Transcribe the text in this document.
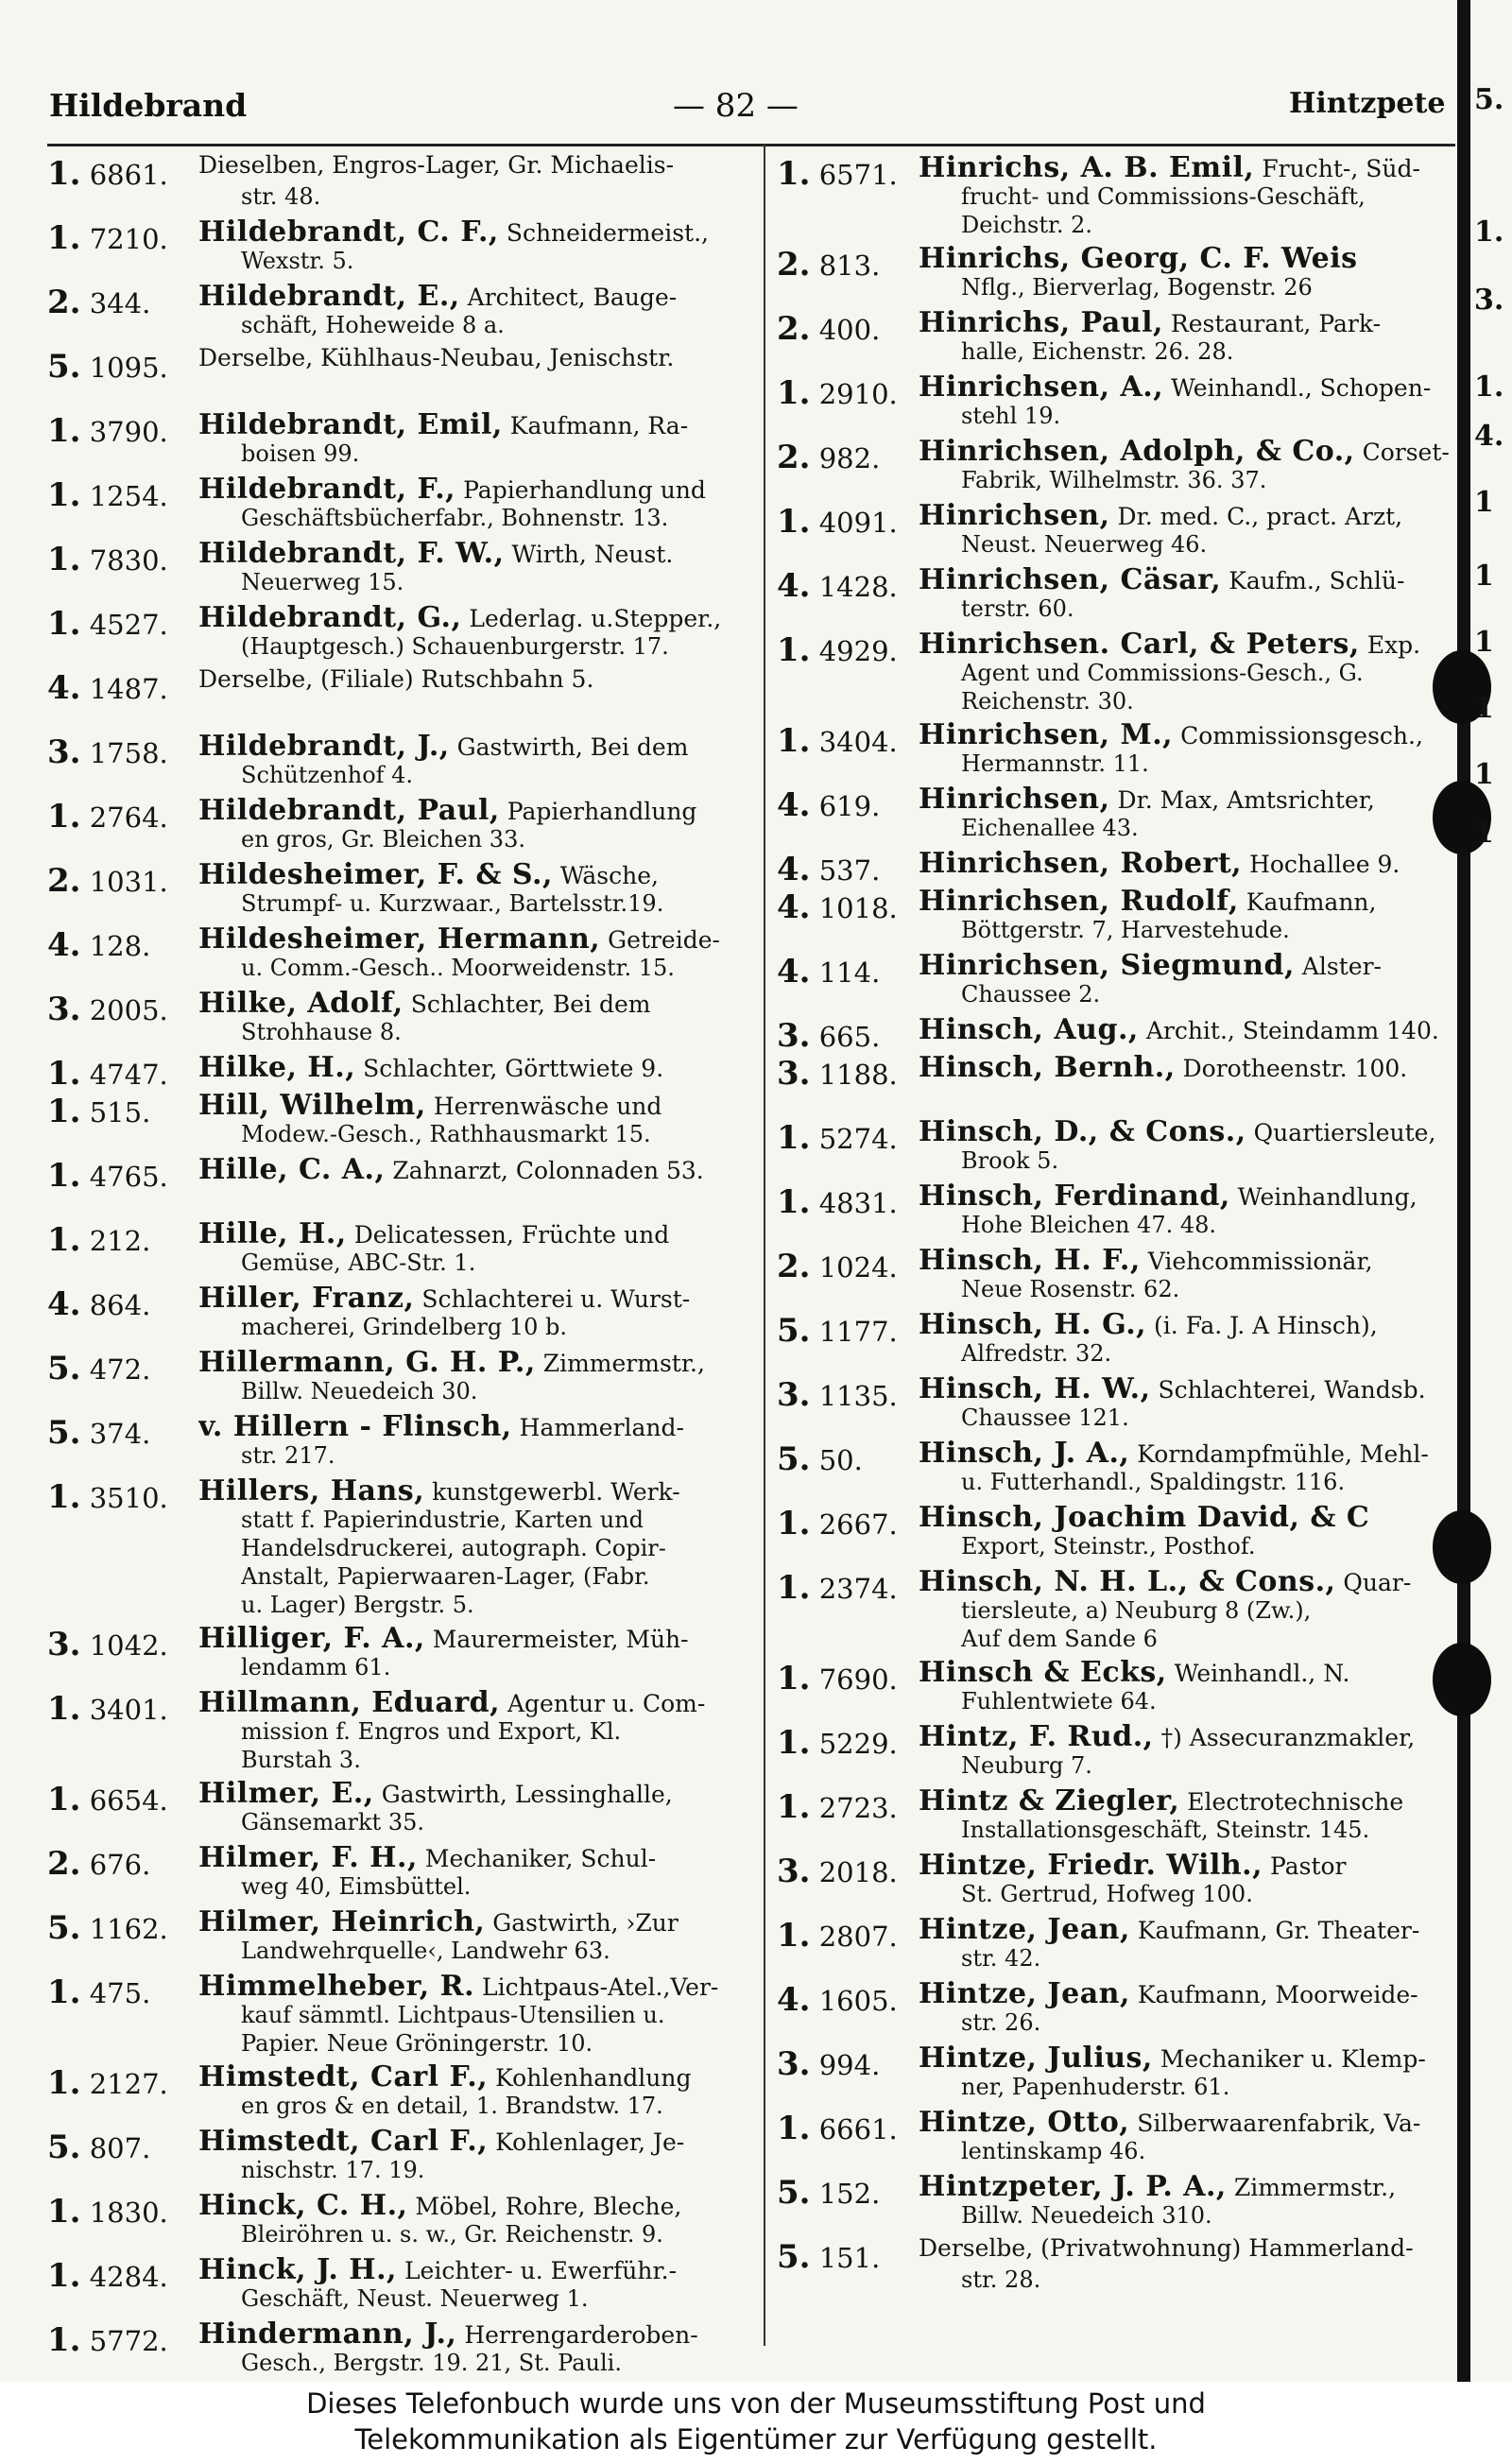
Hildebrand	— 82 —	Hintzpete
1. 6861.	Dieselben, Engros-Lager, Gr. Michaelis-
str. 48.
1. 7210.	Hildebrandt, C. F., Schneidermeist.,
Wexstr. 5.
2. 344.	Hildebrandt, E., Architect, Bauge-
schäft, Hoheweide 8 a.
5. 1095.	Derselbe, Kühlhaus-Neubau, Jenischstr.
1. 3790.	Hildebrandt, Emil, Kaufmann, Ra-
boisen 99.
1. 1254.	Hildebrandt, F., Papierhandlung und
Geschäftsbücherfabr., Bohnenstr. 13.
1. 7830.	Hildebrandt, F. W., Wirth, Neust.
Neuerweg 15.
1. 4527.	Hildebrandt, G., Lederlag. u.Stepper.,
(Hauptgesch.) Schauenburgerstr. 17.
4. 1487.	Derselbe, (Filiale) Rutschbahn 5.
3. 1758.	Hildebrandt, J., Gastwirth, Bei dem
Schützenhof 4.
1. 2764.	Hildebrandt, Paul, Papierhandlung
en gros, Gr. Bleichen 33.
2. 1031.	Hildesheimer, F. & S., Wäsche,
Strumpf- u. Kurzwaar., Bartelsstr.19.
4. 128.	Hildesheimer, Hermann, Getreide-
u. Comm.-Gesch.. Moorweidenstr. 15.
3. 2005.	Hilke, Adolf, Schlachter, Bei dem
Strohhause 8.
1. 4747.	Hilke, H., Schlachter, Görttwiete 9.
1. 515.	Hill, Wilhelm, Herrenwäsche und
Modew.-Gesch., Rathhausmarkt 15.
1. 4765.	Hille, C. A., Zahnarzt, Colonnaden 53.
1. 212.	Hille, H., Delicatessen, Früchte und
Gemüse, ABC-Str. 1.
4. 864.	Hiller, Franz, Schlachterei u. Wurst-
macherei, Grindelberg 10 b.
5. 472.	Hillermann, G. H. P., Zimmermstr.,
Billw. Neuedeich 30.
5. 374.	v. Hillern - Flinsch, Hammerland-
str. 217.
1. 3510.	Hillers, Hans, kunstgewerbl. Werk-
statt f. Papierindustrie, Karten und
Handelsdruckerei, autograph. Copir-
Anstalt, Papierwaaren-Lager, (Fabr.
u. Lager) Bergstr. 5.
3. 1042.	Hilliger, F. A., Maurermeister, Müh-
lendamm 61.
1. 3401.	Hillmann, Eduard, Agentur u. Com-
mission f. Engros und Export, Kl.
Burstah 3.
1. 6654.	Hilmer, E., Gastwirth, Lessinghalle,
Gänsemarkt 35.
2. 676.	Hilmer, F. H., Mechaniker, Schul-
weg 40, Eimsbüttel.
5. 1162.	Hilmer, Heinrich, Gastwirth, ›Zur
Landwehrquelle‹, Landwehr 63.
1. 475.	Himmelheber, R. Lichtpaus-Atel.,Ver-
kauf sämmtl. Lichtpaus-Utensilien u.
Papier. Neue Gröningerstr. 10.
1. 2127.	Himstedt, Carl F., Kohlenhandlung
en gros & en detail, 1. Brandstw. 17.
5. 807.	Himstedt, Carl F., Kohlenlager, Je-
nischstr. 17. 19.
1. 1830.	Hinck, C. H., Möbel, Rohre, Bleche,
Bleiröhren u. s. w., Gr. Reichenstr. 9.
1. 4284.	Hinck, J. H., Leichter- u. Ewerführ.-
Geschäft, Neust. Neuerweg 1.
1. 5772.	Hindermann, J., Herrengarderoben-
Gesch., Bergstr. 19. 21, St. Pauli.
1. 6571. Hinrichs, A. B. Emil, Frucht-, Süd-
frucht- und Commissions-Geschäft,
Deichstr. 2.
2. 813.	Hinrichs, Georg, C. F. Weis
Nflg., Bierverlag, Bogenstr. 26
2. 400.	Hinrichs, Paul, Restaurant, Park-
halle, Eichenstr. 26. 28.
1. 2910. Hinrichsen, A., Weinhandl., Schopen-
stehl 19.
2. 982.	Hinrichsen, Adolph, & Co., Corset-
Fabrik, Wilhelmstr. 36. 37.
1. 4091. Hinrichsen, Dr. med. C., pract. Arzt,
Neust. Neuerweg 46.
4. 1428. Hinrichsen, Cäsar, Kaufm., Schlü-
terstr. 60.
1. 4929. Hinrichsen. Carl, & Peters, Exp.
Agent und Commissions-Gesch., G.
Reichenstr. 30.
1. 3404. Hinrichsen, M., Commissionsgesch.,
Hermannstr. 11.
4. 619.	Hinrichsen, Dr. Max, Amtsrichter,
Eichenallee 43.
4. 537.	Hinrichsen, Robert, Hochallee 9.
4. 1018. Hinrichsen, Rudolf, Kaufmann,
Böttgerstr. 7, Harvestehude.
4. 114.	Hinrichsen, Siegmund, Alster-
Chaussee 2.
3. 665.	Hinsch, Aug., Archit., Steindamm 140.
3. 1188. Hinsch, Bernh., Dorotheenstr. 100.
1. 5274. Hinsch, D., & Cons., Quartiersleute,
Brook 5.
1. 4831. Hinsch, Ferdinand, Weinhandlung,
Hohe Bleichen 47. 48.
2. 1024. Hinsch, H. F., Viehcommissionär,
Neue Rosenstr. 62.
5. 1177. Hinsch, H. G., (i. Fa. J. A Hinsch),
Alfredstr. 32.
3. 1135. Hinsch, H. W., Schlachterei, Wandsb.
Chaussee 121.
5. 50.	Hinsch, J. A., Korndampfmühle, Mehl-
u. Futterhandl., Spaldingstr. 116.
1. 2667. Hinsch, Joachim David, & C
Export, Steinstr., Posthof.
1. 2374. Hinsch, N. H. L., & Cons., Quar-
tiersleute, a) Neuburg 8 (Zw.),
Auf dem Sande 6
1. 7690. Hinsch & Ecks, Weinhandl., N.
Fuhlentwiete 64.
1. 5229. Hintz, F. Rud., †) Assecuranzmakler,
Neuburg 7.
1. 2723. Hintz & Ziegler, Electrotechnische
Installationsgeschäft, Steinstr. 145.
3. 2018. Hintze, Friedr. Wilh., Pastor
St. Gertrud, Hofweg 100.
1. 2807. Hintze, Jean, Kaufmann, Gr. Theater-
str. 42.
4. 1605. Hintze, Jean, Kaufmann, Moorweide-
str. 26.
3. 994.	Hintze, Julius, Mechaniker u. Klemp-
ner, Papenhuderstr. 61.
1. 6661. Hintze, Otto, Silberwaarenfabrik, Va-
lentinskamp 46.
5. 152.	Hintzpeter, J. P. A., Zimmermstr.,
Billw. Neuedeich 310.
5. 151.	Derselbe, (Privatwohnung) Hammerland-
str. 28.
5.
1.
3.
1.
4.
1
1
1
1
1
1
Dieses Telefonbuch wurde uns von der Museumsstiftung Post und
Telekommunikation als Eigentümer zur Verfügung gestellt.
